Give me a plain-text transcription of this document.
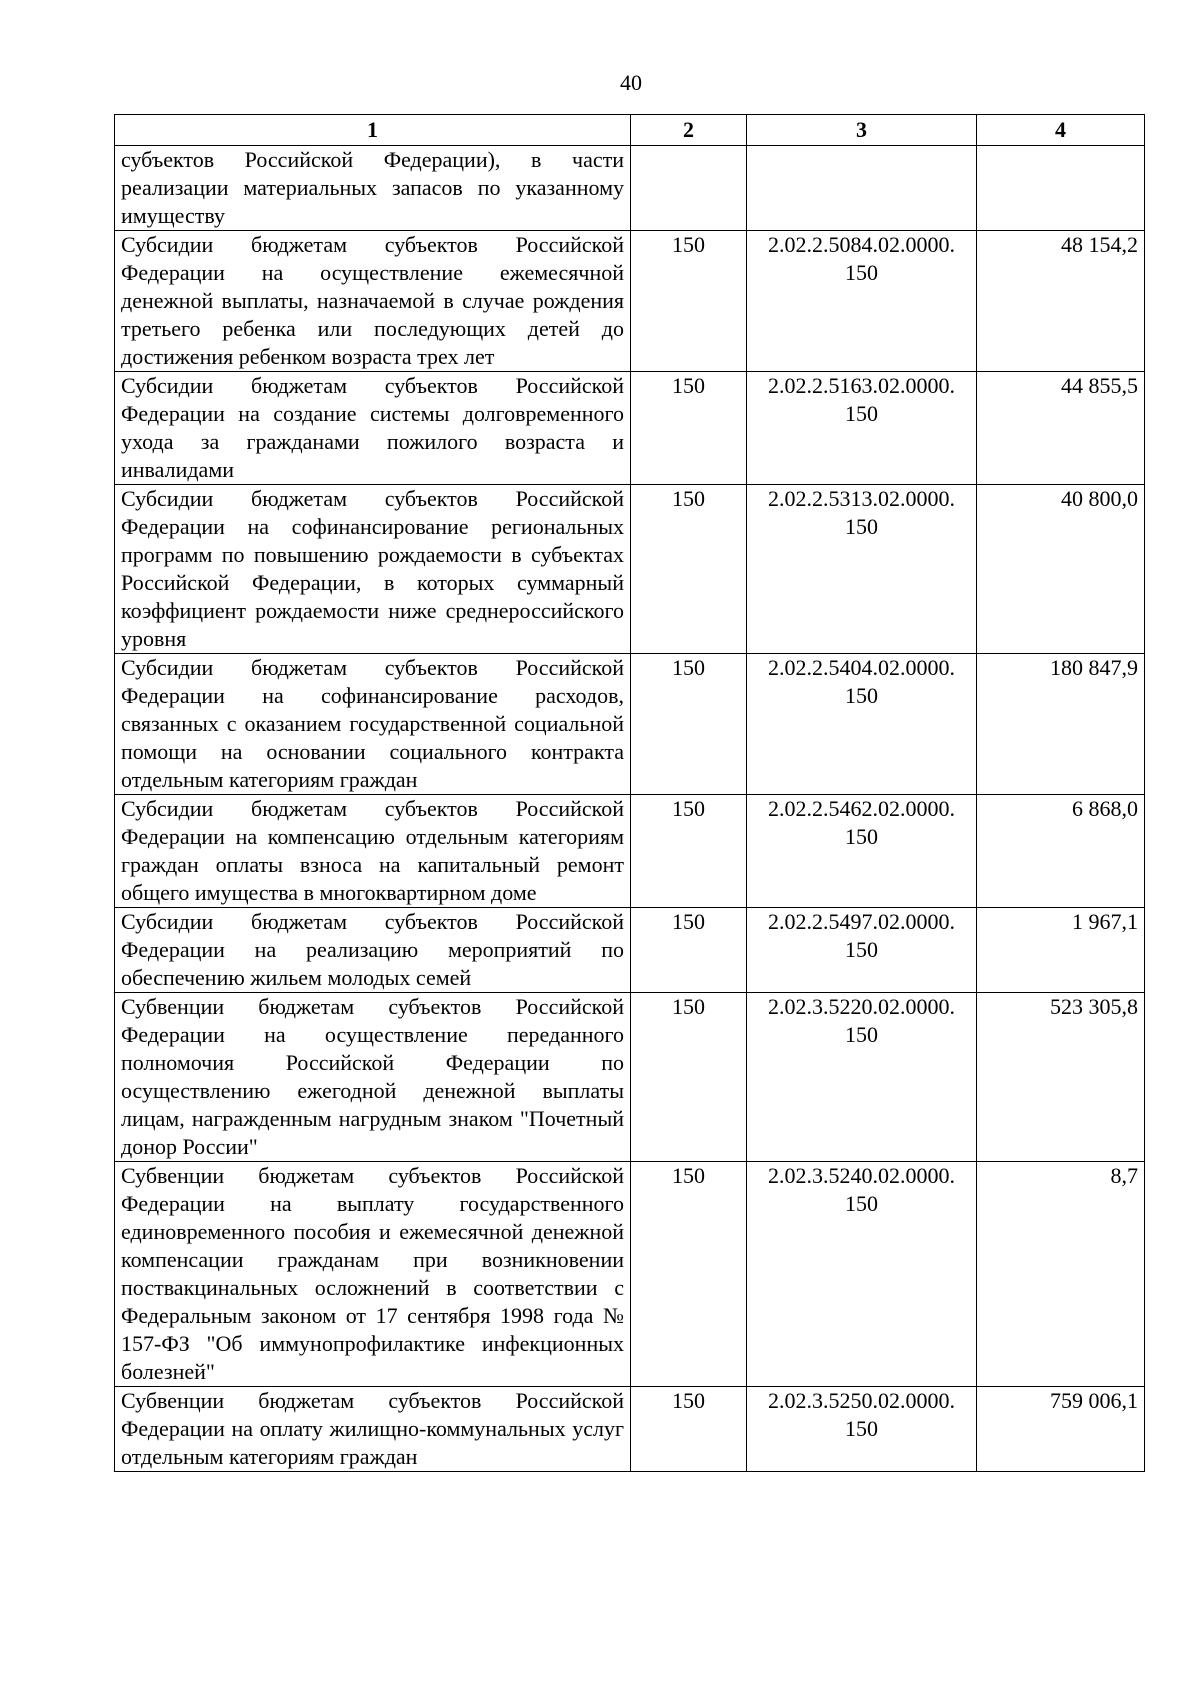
40
1	2	3	4
субъектов Российской Федерации), в части реализации материальных запасов по указанному имуществу			
Субсидии бюджетам субъектов Российской Федерации на осуществление ежемесячной денежной выплаты, назначаемой в случае рождения третьего ребенка или последующих детей до достижения ребенком возраста трех лет	150	2.02.2.5084.02.0000. 150	48 154,2
Субсидии бюджетам субъектов Российской Федерации на создание системы долговременного ухода за гражданами пожилого возраста и инвалидами	150	2.02.2.5163.02.0000. 150	44 855,5
Субсидии бюджетам субъектов Российской Федерации на софинансирование региональных программ по повышению рождаемости в субъектах Российской Федерации, в которых суммарный коэффициент рождаемости ниже среднероссийского уровня	150	2.02.2.5313.02.0000. 150	40 800,0
Субсидии бюджетам субъектов Российской Федерации на софинансирование расходов, связанных с оказанием государственной социальной помощи на основании социального контракта отдельным категориям граждан	150	2.02.2.5404.02.0000. 150	180 847,9
Субсидии бюджетам субъектов Российской Федерации на компенсацию отдельным категориям граждан оплаты взноса на капитальный ремонт общего имущества в многоквартирном доме	150	2.02.2.5462.02.0000. 150	6 868,0
Субсидии бюджетам субъектов Российской Федерации на реализацию мероприятий по обеспечению жильем молодых семей	150	2.02.2.5497.02.0000. 150	1 967,1
Субвенции бюджетам субъектов Российской Федерации на осуществление переданного полномочия Российской Федерации по осуществлению ежегодной денежной выплаты лицам, награжденным нагрудным знаком "Почетный донор России"	150	2.02.3.5220.02.0000. 150	523 305,8
Субвенции бюджетам субъектов Российской Федерации на выплату государственного единовременного пособия и ежемесячной денежной компенсации гражданам при возникновении поствакцинальных осложнений в соответствии с Федеральным законом от 17 сентября 1998 года № 157-ФЗ "Об иммунопрофилактике инфекционных болезней"	150	2.02.3.5240.02.0000. 150	8,7
Субвенции бюджетам субъектов Российской Федерации на оплату жилищно-коммунальных услуг отдельным категориям граждан	150	2.02.3.5250.02.0000. 150	759 006,1
